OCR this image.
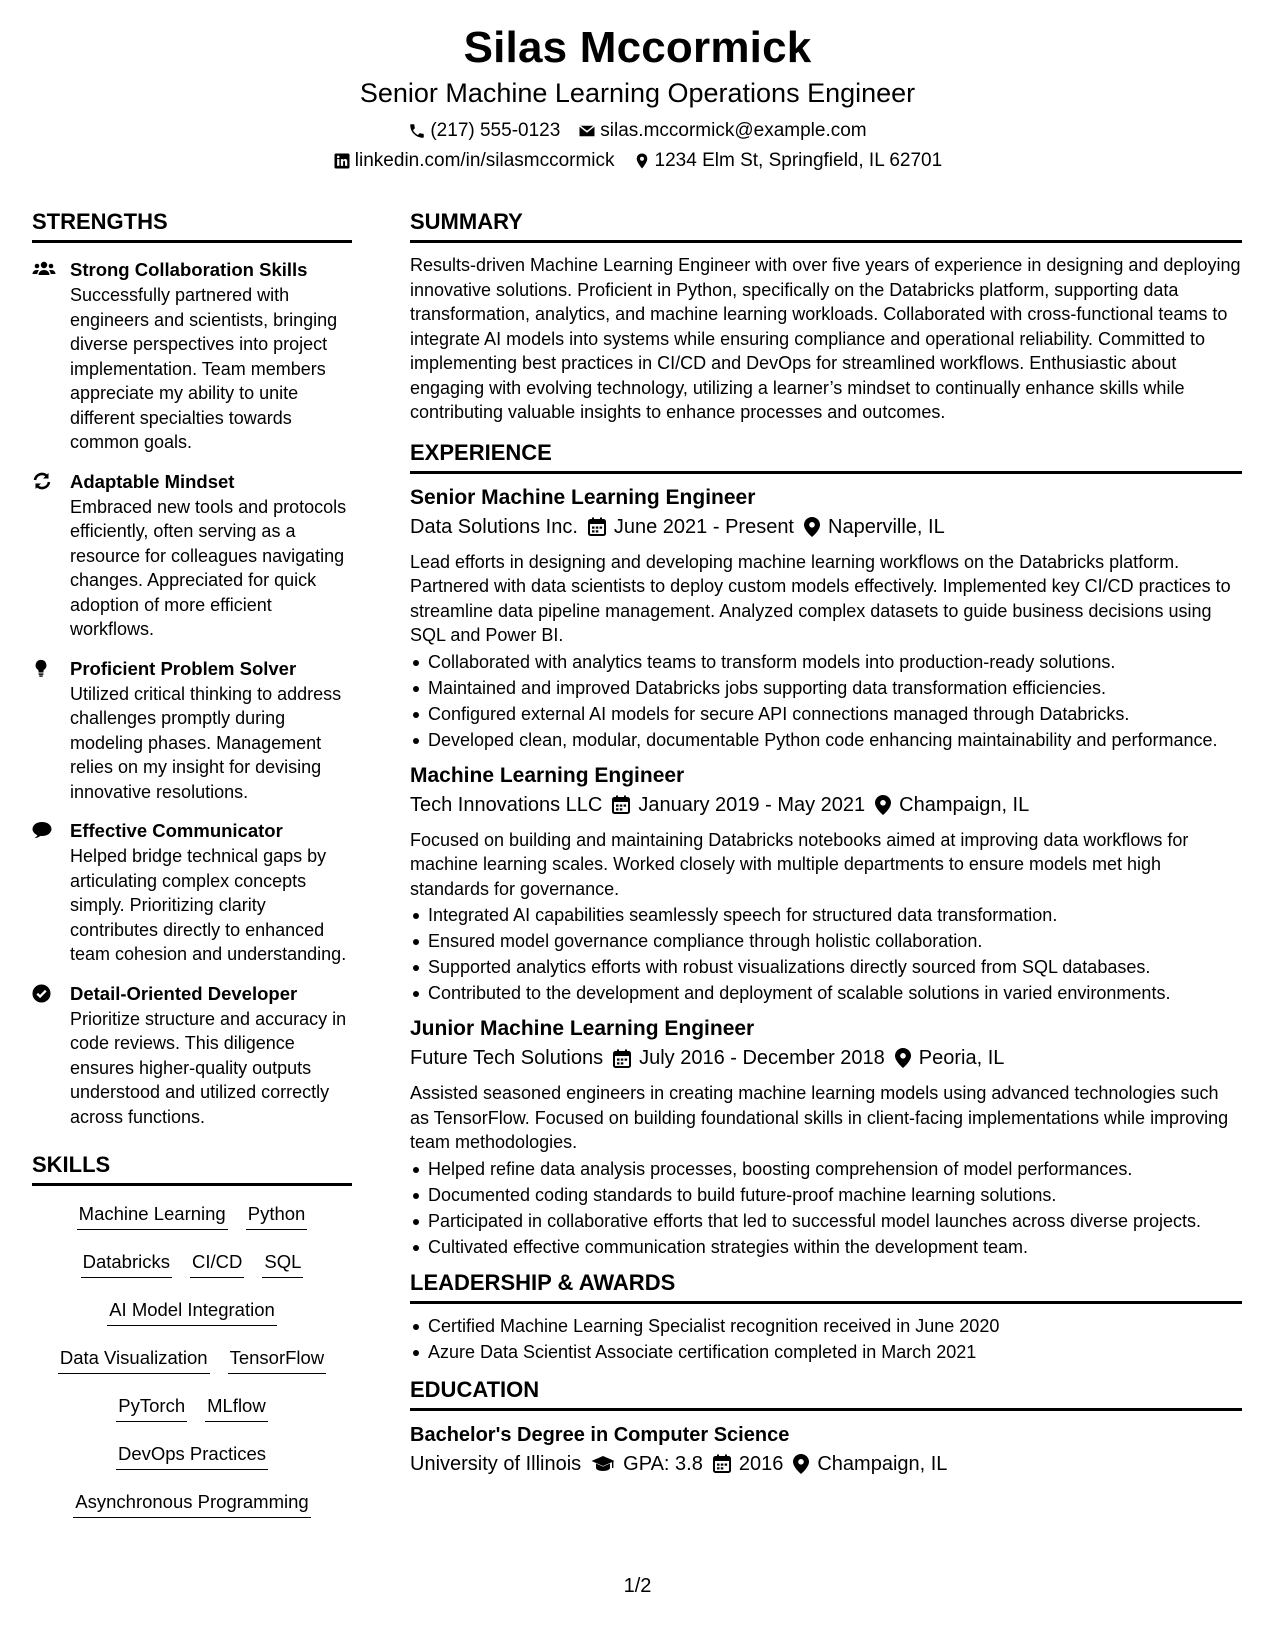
Silas Mccormick
Senior Machine Learning Operations Engineer
(217) 555-0123 silas.mccormick@example.com
linkedin.com/in/silasmccormick 1234 Elm St, Springfield, IL 62701
STRENGTHS
Strong Collaboration Skills
Successfully partnered with engineers and scientists, bringing diverse perspectives into project implementation. Team members appreciate my ability to unite different specialties towards common goals.
Adaptable Mindset
Embraced new tools and protocols efficiently, often serving as a resource for colleagues navigating changes. Appreciated for quick adoption of more efficient workflows.
Proficient Problem Solver
Utilized critical thinking to address challenges promptly during modeling phases. Management relies on my insight for devising innovative resolutions.
Effective Communicator
Helped bridge technical gaps by articulating complex concepts simply. Prioritizing clarity contributes directly to enhanced team cohesion and understanding.
Detail-Oriented Developer
Prioritize structure and accuracy in code reviews. This diligence ensures higher-quality outputs understood and utilized correctly across functions.
SKILLS
Machine Learning Python
Databricks CI/CD SQL
AI Model Integration
Data Visualization TensorFlow
PyTorch MLflow
DevOps Practices
Asynchronous Programming
SUMMARY
Results-driven Machine Learning Engineer with over five years of experience in designing and deploying innovative solutions. Proficient in Python, specifically on the Databricks platform, supporting data transformation, analytics, and machine learning workloads. Collaborated with cross-functional teams to integrate AI models into systems while ensuring compliance and operational reliability. Committed to implementing best practices in CI/CD and DevOps for streamlined workflows. Enthusiastic about engaging with evolving technology, utilizing a learner’s mindset to continually enhance skills while contributing valuable insights to enhance processes and outcomes.
EXPERIENCE
Senior Machine Learning Engineer
Data Solutions Inc. June 2021 - Present Naperville, IL
Lead efforts in designing and developing machine learning workflows on the Databricks platform. Partnered with data scientists to deploy custom models effectively. Implemented key CI/CD practices to streamline data pipeline management. Analyzed complex datasets to guide business decisions using SQL and Power BI.
Collaborated with analytics teams to transform models into production-ready solutions.
Maintained and improved Databricks jobs supporting data transformation efficiencies.
Configured external AI models for secure API connections managed through Databricks.
Developed clean, modular, documentable Python code enhancing maintainability and performance.
Machine Learning Engineer
Tech Innovations LLC January 2019 - May 2021 Champaign, IL
Focused on building and maintaining Databricks notebooks aimed at improving data workflows for machine learning scales. Worked closely with multiple departments to ensure models met high standards for governance.
Integrated AI capabilities seamlessly speech for structured data transformation.
Ensured model governance compliance through holistic collaboration.
Supported analytics efforts with robust visualizations directly sourced from SQL databases.
Contributed to the development and deployment of scalable solutions in varied environments.
Junior Machine Learning Engineer
Future Tech Solutions July 2016 - December 2018 Peoria, IL
Assisted seasoned engineers in creating machine learning models using advanced technologies such as TensorFlow. Focused on building foundational skills in client-facing implementations while improving team methodologies.
Helped refine data analysis processes, boosting comprehension of model performances.
Documented coding standards to build future-proof machine learning solutions.
Participated in collaborative efforts that led to successful model launches across diverse projects.
Cultivated effective communication strategies within the development team.
LEADERSHIP & AWARDS
Certified Machine Learning Specialist recognition received in June 2020
Azure Data Scientist Associate certification completed in March 2021
EDUCATION
Bachelor's Degree in Computer Science
University of Illinois GPA: 3.8 2016 Champaign, IL
1/2
